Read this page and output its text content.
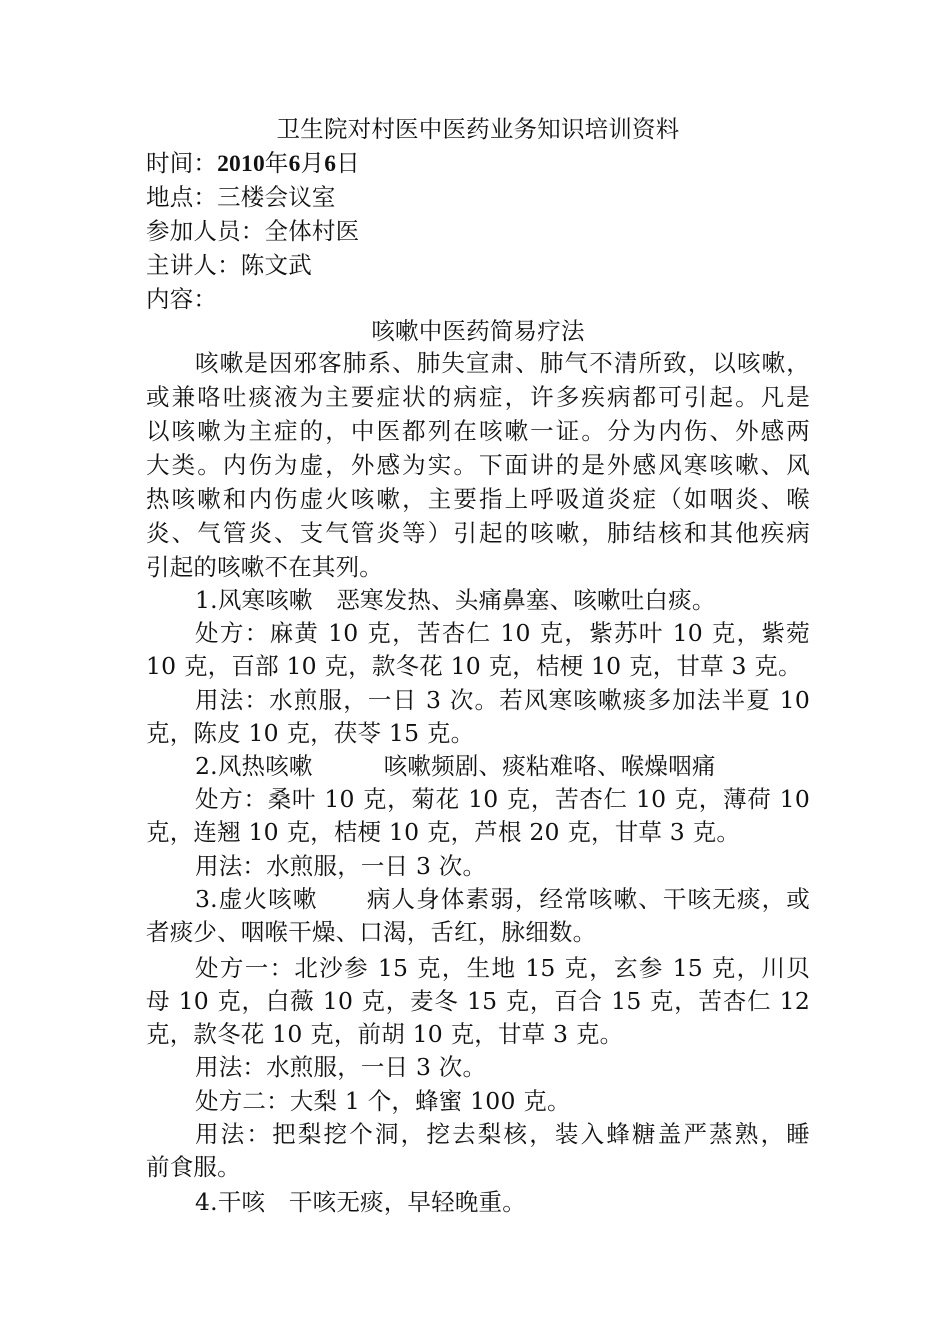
卫生院对村医中医药业务知识培训资料
时间：2010年6月6日
地点：三楼会议室
参加人员：全体村医
主讲人：陈文武
内容：
咳嗽中医药简易疗法
咳嗽是因邪客肺系、肺失宣肃、肺气不清所致，以咳嗽，
或兼咯吐痰液为主要症状的病症，许多疾病都可引起。凡是
以咳嗽为主症的，中医都列在咳嗽一证。分为内伤、外感两
大类。内伤为虚，外感为实。下面讲的是外感风寒咳嗽、风
热咳嗽和内伤虚火咳嗽，主要指上呼吸道炎症（如咽炎、喉
炎、气管炎、支气管炎等）引起的咳嗽，肺结核和其他疾病
引起的咳嗽不在其列。
1.风寒咳嗽　恶寒发热、头痛鼻塞、咳嗽吐白痰。
处方：麻黄 10 克，苦杏仁 10 克，紫苏叶 10 克，紫菀
10 克，百部 10 克，款冬花 10 克，桔梗 10 克，甘草 3 克。
用法：水煎服，一日 3 次。若风寒咳嗽痰多加法半夏 10
克，陈皮 10 克，茯苓 15 克。
2.风热咳嗽　　　咳嗽频剧、痰粘难咯、喉燥咽痛
处方：桑叶 10 克，菊花 10 克，苦杏仁 10 克，薄荷 10
克，连翘 10 克，桔梗 10 克，芦根 20 克，甘草 3 克。
用法：水煎服，一日 3 次。
3.虚火咳嗽　　病人身体素弱，经常咳嗽、干咳无痰，或
者痰少、咽喉干燥、口渴，舌红，脉细数。
处方一：北沙参 15 克，生地 15 克，玄参 15 克，川贝
母 10 克，白薇 10 克，麦冬 15 克，百合 15 克，苦杏仁 12
克，款冬花 10 克，前胡 10 克，甘草 3 克。
用法：水煎服，一日 3 次。
处方二：大梨 1 个，蜂蜜 100 克。
用法：把梨挖个洞，挖去梨核，装入蜂糖盖严蒸熟，睡
前食服。
4.干咳　干咳无痰，早轻晚重。
